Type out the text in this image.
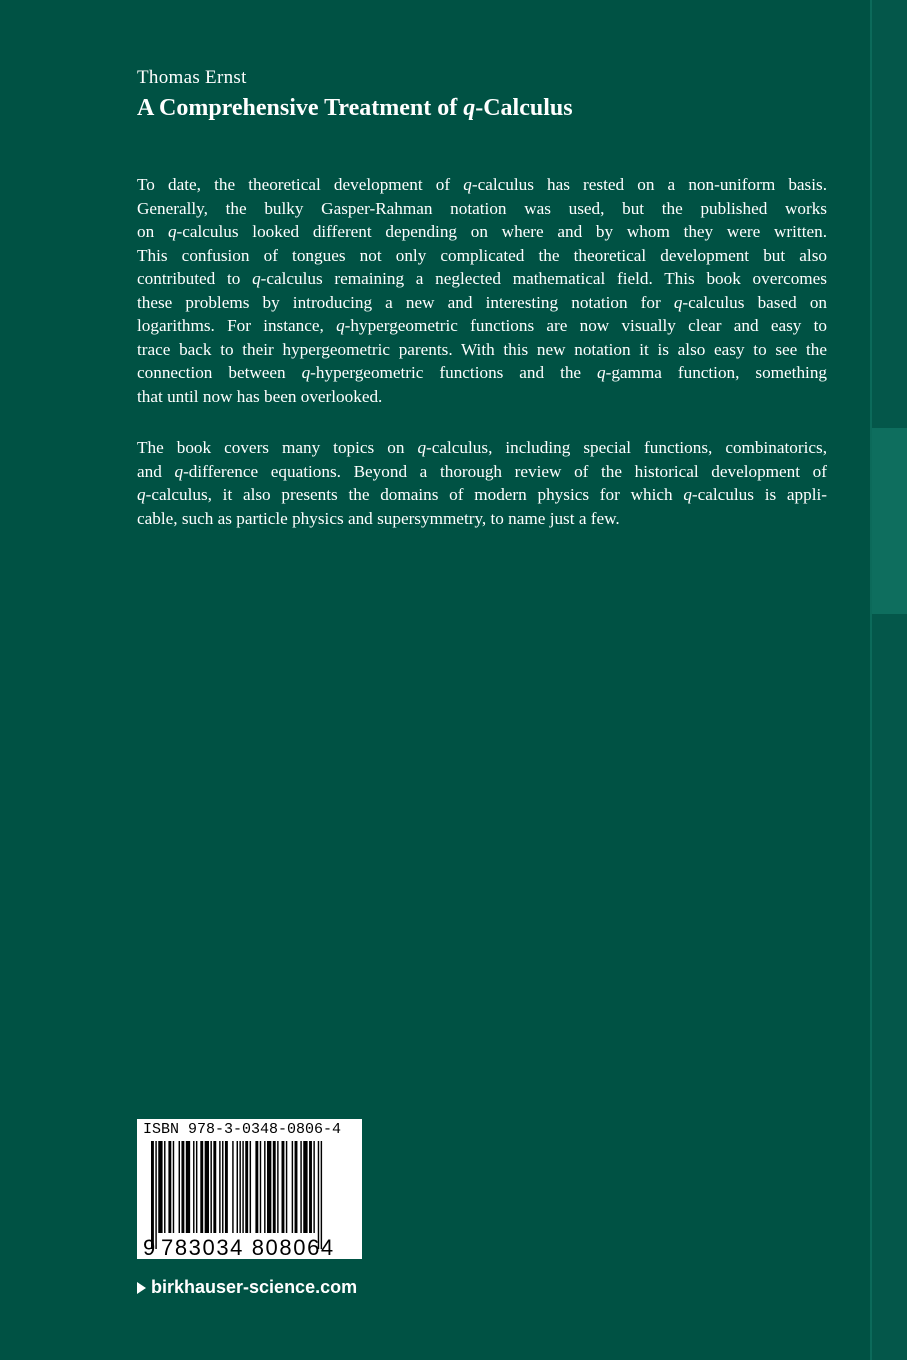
Thomas Ernst
A Comprehensive Treatment of q-Calculus
To date, the theoretical development of q-calculus has rested on a non-uniform basis.
Generally, the bulky Gasper-Rahman notation was used, but the published works
on q-calculus looked different depending on where and by whom they were written.
This confusion of tongues not only complicated the theoretical development but also
contributed to q-calculus remaining a neglected mathematical field. This book overcomes
these problems by introducing a new and interesting notation for q-calculus based on
logarithms. For instance, q-hypergeometric functions are now visually clear and easy to
trace back to their hypergeometric parents. With this new notation it is also easy to see the
connection between q-hypergeometric functions and the q-gamma function, something
that until now has been overlooked.
The book covers many topics on q-calculus, including special functions, combinatorics,
and q-difference equations. Beyond a thorough review of the historical development of
q-calculus, it also presents the domains of modern physics for which q-calculus is appli-
cable, such as particle physics and supersymmetry, to name just a few.
ISBN 978-3-0348-0806-4
9 783034 808064
birkhauser-science.com
